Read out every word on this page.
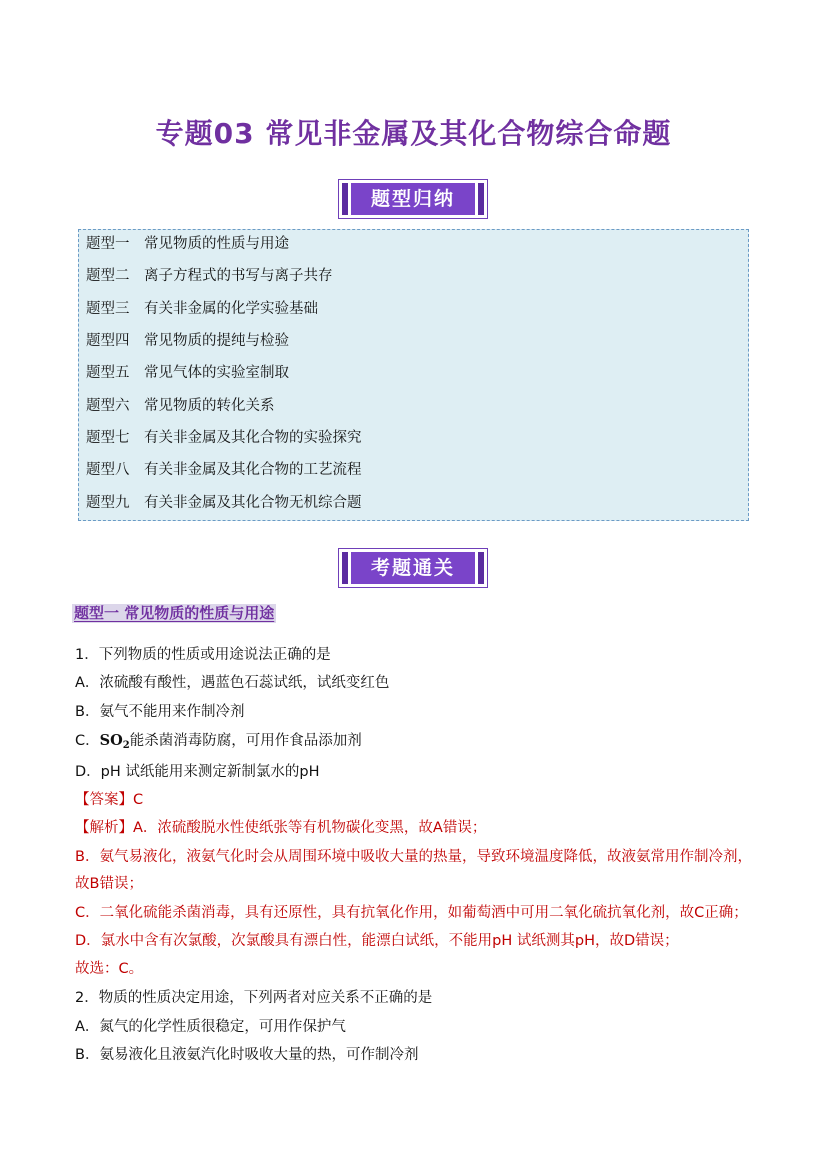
专题03 常见非金属及其化合物综合命题
题型归纳
题型一 常见物质的性质与用途
题型二 离子方程式的书写与离子共存
题型三 有关非金属的化学实验基础
题型四 常见物质的提纯与检验
题型五 常见气体的实验室制取
题型六 常见物质的转化关系
题型七 有关非金属及其化合物的实验探究
题型八 有关非金属及其化合物的工艺流程
题型九 有关非金属及其化合物无机综合题
考题通关
题型一 常见物质的性质与用途
1．下列物质的性质或用途说法正确的是
A．浓硫酸有酸性，遇蓝色石蕊试纸，试纸变红色
B．氨气不能用来作制冷剂
C．$SO_2$能杀菌消毒防腐，可用作食品添加剂
D．pH 试纸能用来测定新制氯水的pH
【答案】C
【解析】A．浓硫酸脱水性使纸张等有机物碳化变黑，故A错误；
B．氨气易液化，液氨气化时会从周围环境中吸收大量的热量，导致环境温度降低，故液氨常用作制冷剂，
故B错误；
C．二氧化硫能杀菌消毒，具有还原性，具有抗氧化作用，如葡萄酒中可用二氧化硫抗氧化剂，故C正确；
D．氯水中含有次氯酸，次氯酸具有漂白性，能漂白试纸，不能用pH 试纸测其pH，故D错误；
故选：C。
2．物质的性质决定用途，下列两者对应关系不正确的是
A．氮气的化学性质很稳定，可用作保护气
B．氨易液化且液氨汽化时吸收大量的热，可作制冷剂
